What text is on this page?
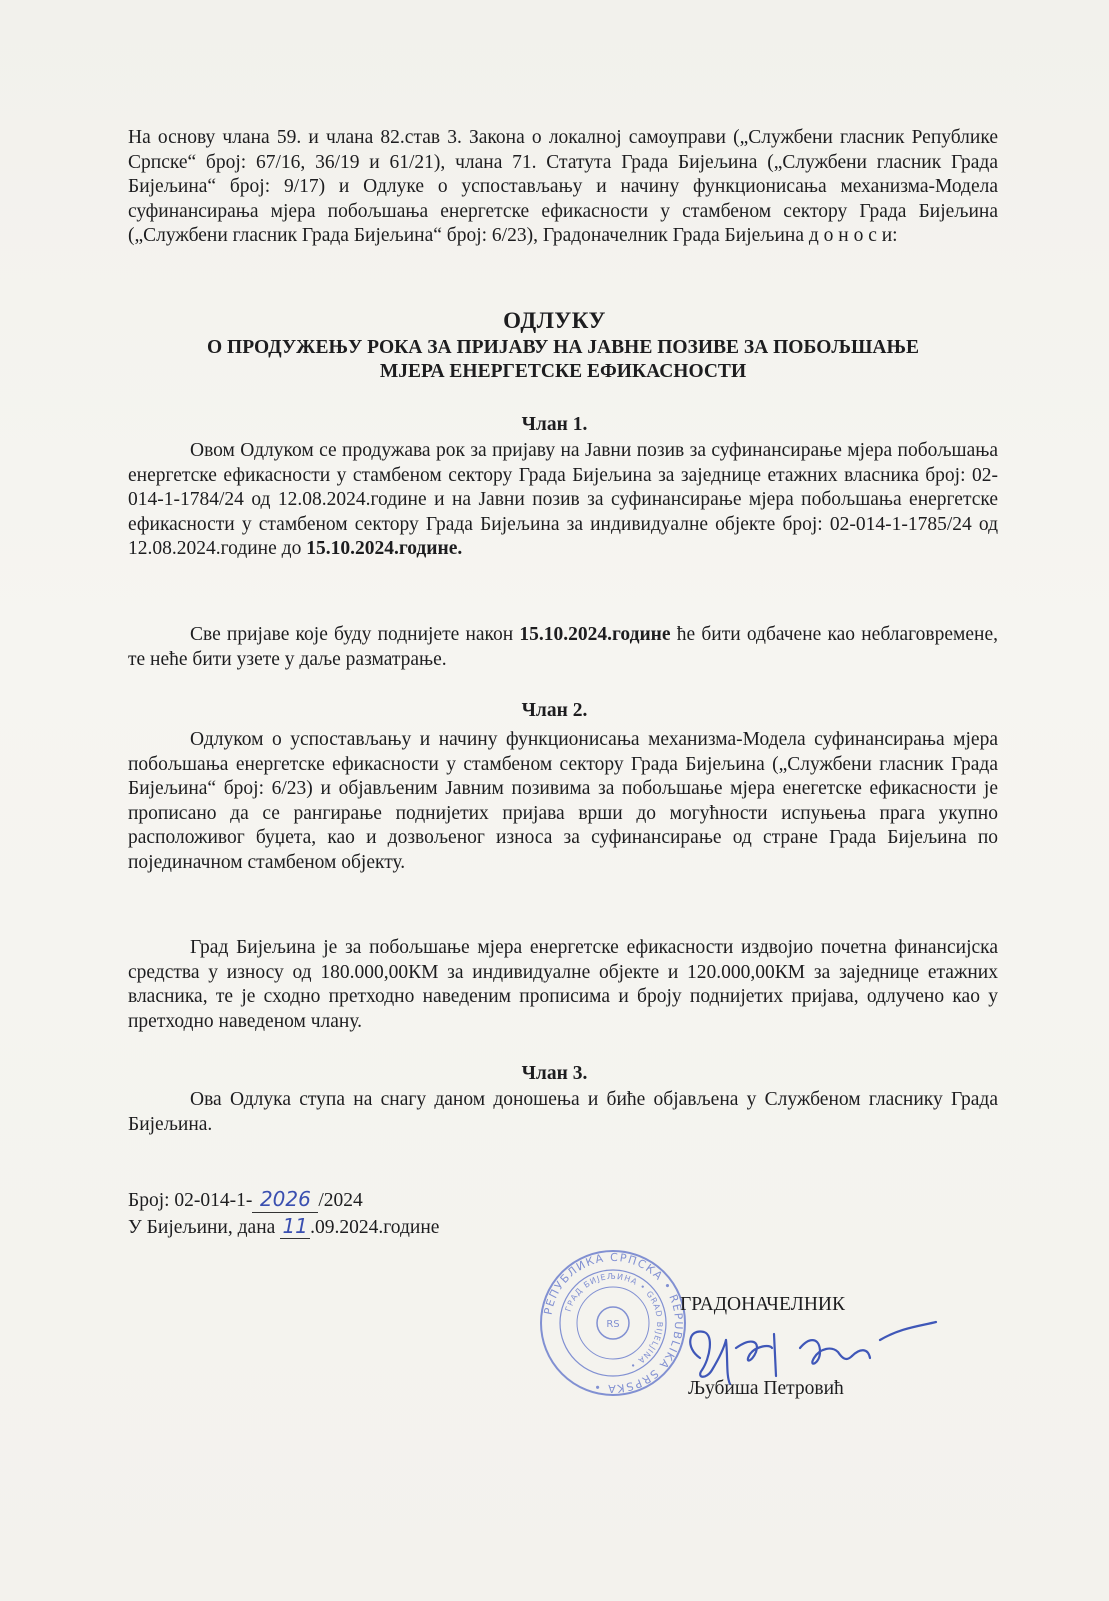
На основу члана 59. и члана 82.став 3. Закона о локалној самоуправи („Службени гласник Републике Српске“ број: 67/16, 36/19 и 61/21), члана 71. Статута Града Бијељина („Службени гласник Града Бијељина“ број: 9/17) и Одлуке о успостављању и начину функционисања механизма-Модела суфинансирања мјера побољшања енергетске ефикасности у стамбеном сектору Града Бијељина („Службени гласник Града Бијељина“ број: 6/23), Градоначелник Града Бијељина д о н о с и:

ОДЛУКУ
О ПРОДУЖЕЊУ РОКА ЗА ПРИЈАВУ НА ЈАВНЕ ПОЗИВЕ ЗА ПОБОЉШАЊЕ
МЈЕРА ЕНЕРГЕТСКЕ ЕФИКАСНОСТИ
Члан 1.

Овом Одлуком се продужава рок за пријаву на Јавни позив за суфинансирање мјера побољшања енергетске ефикасности у стамбеном сектору Града Бијељина за заједнице етажних власника број: 02-014-1-1784/24 од 12.08.2024.године и на Јавни позив за суфинансирање мјера побољшања енергетске ефикасности у стамбеном сектору Града Бијељина за индивидуалне објекте број: 02-014-1-1785/24 од 12.08.2024.године до 15.10.2024.године.

Све пријаве које буду поднијете након 15.10.2024.године ће бити одбачене као неблаговремене, те неће бити узете у даље разматрање.

Члан 2.

Одлуком о успостављању и начину функционисања механизма-Модела суфинансирања мјера побољшања енергетске ефикасности у стамбеном сектору Града Бијељина („Службени гласник Града Бијељина“ број: 6/23) и објављеним Јавним позивима за побољшање мјера енегетске ефикасности је прописано да се рангирање поднијетих пријава врши до могућности испуњења прага укупно расположивог буџета, као и дозвољеног износа за суфинансирање од стране Града Бијељина по појединачном стамбеном објекту.

Град Бијељина је за побољшање мјера енергетске ефикасности издвојио почетна финансијска средства у износу од 180.000,00КМ за индивидуалне објекте и 120.000,00КМ за заједнице етажних власника, те је сходно претходно наведеним прописима и броју поднијетих пријава, одлучено као у претходно наведеном члану.

Члан 3.

Ова Одлука ступа на снагу даном доношења и биће објављена у Службеном гласнику Града Бијељина.

Број: 02-014-1- 2026 /2024
У Бијељини, дана 11 .09.2024.године
РЕПУБЛИКА СРПСКА • REPUBLIKA SRPSKA •
ГРАД БИЈЕЉИНА • GRAD BIJELJINA •
RS
ГРАДОНАЧЕЛНИК
Љубиша Петровић
